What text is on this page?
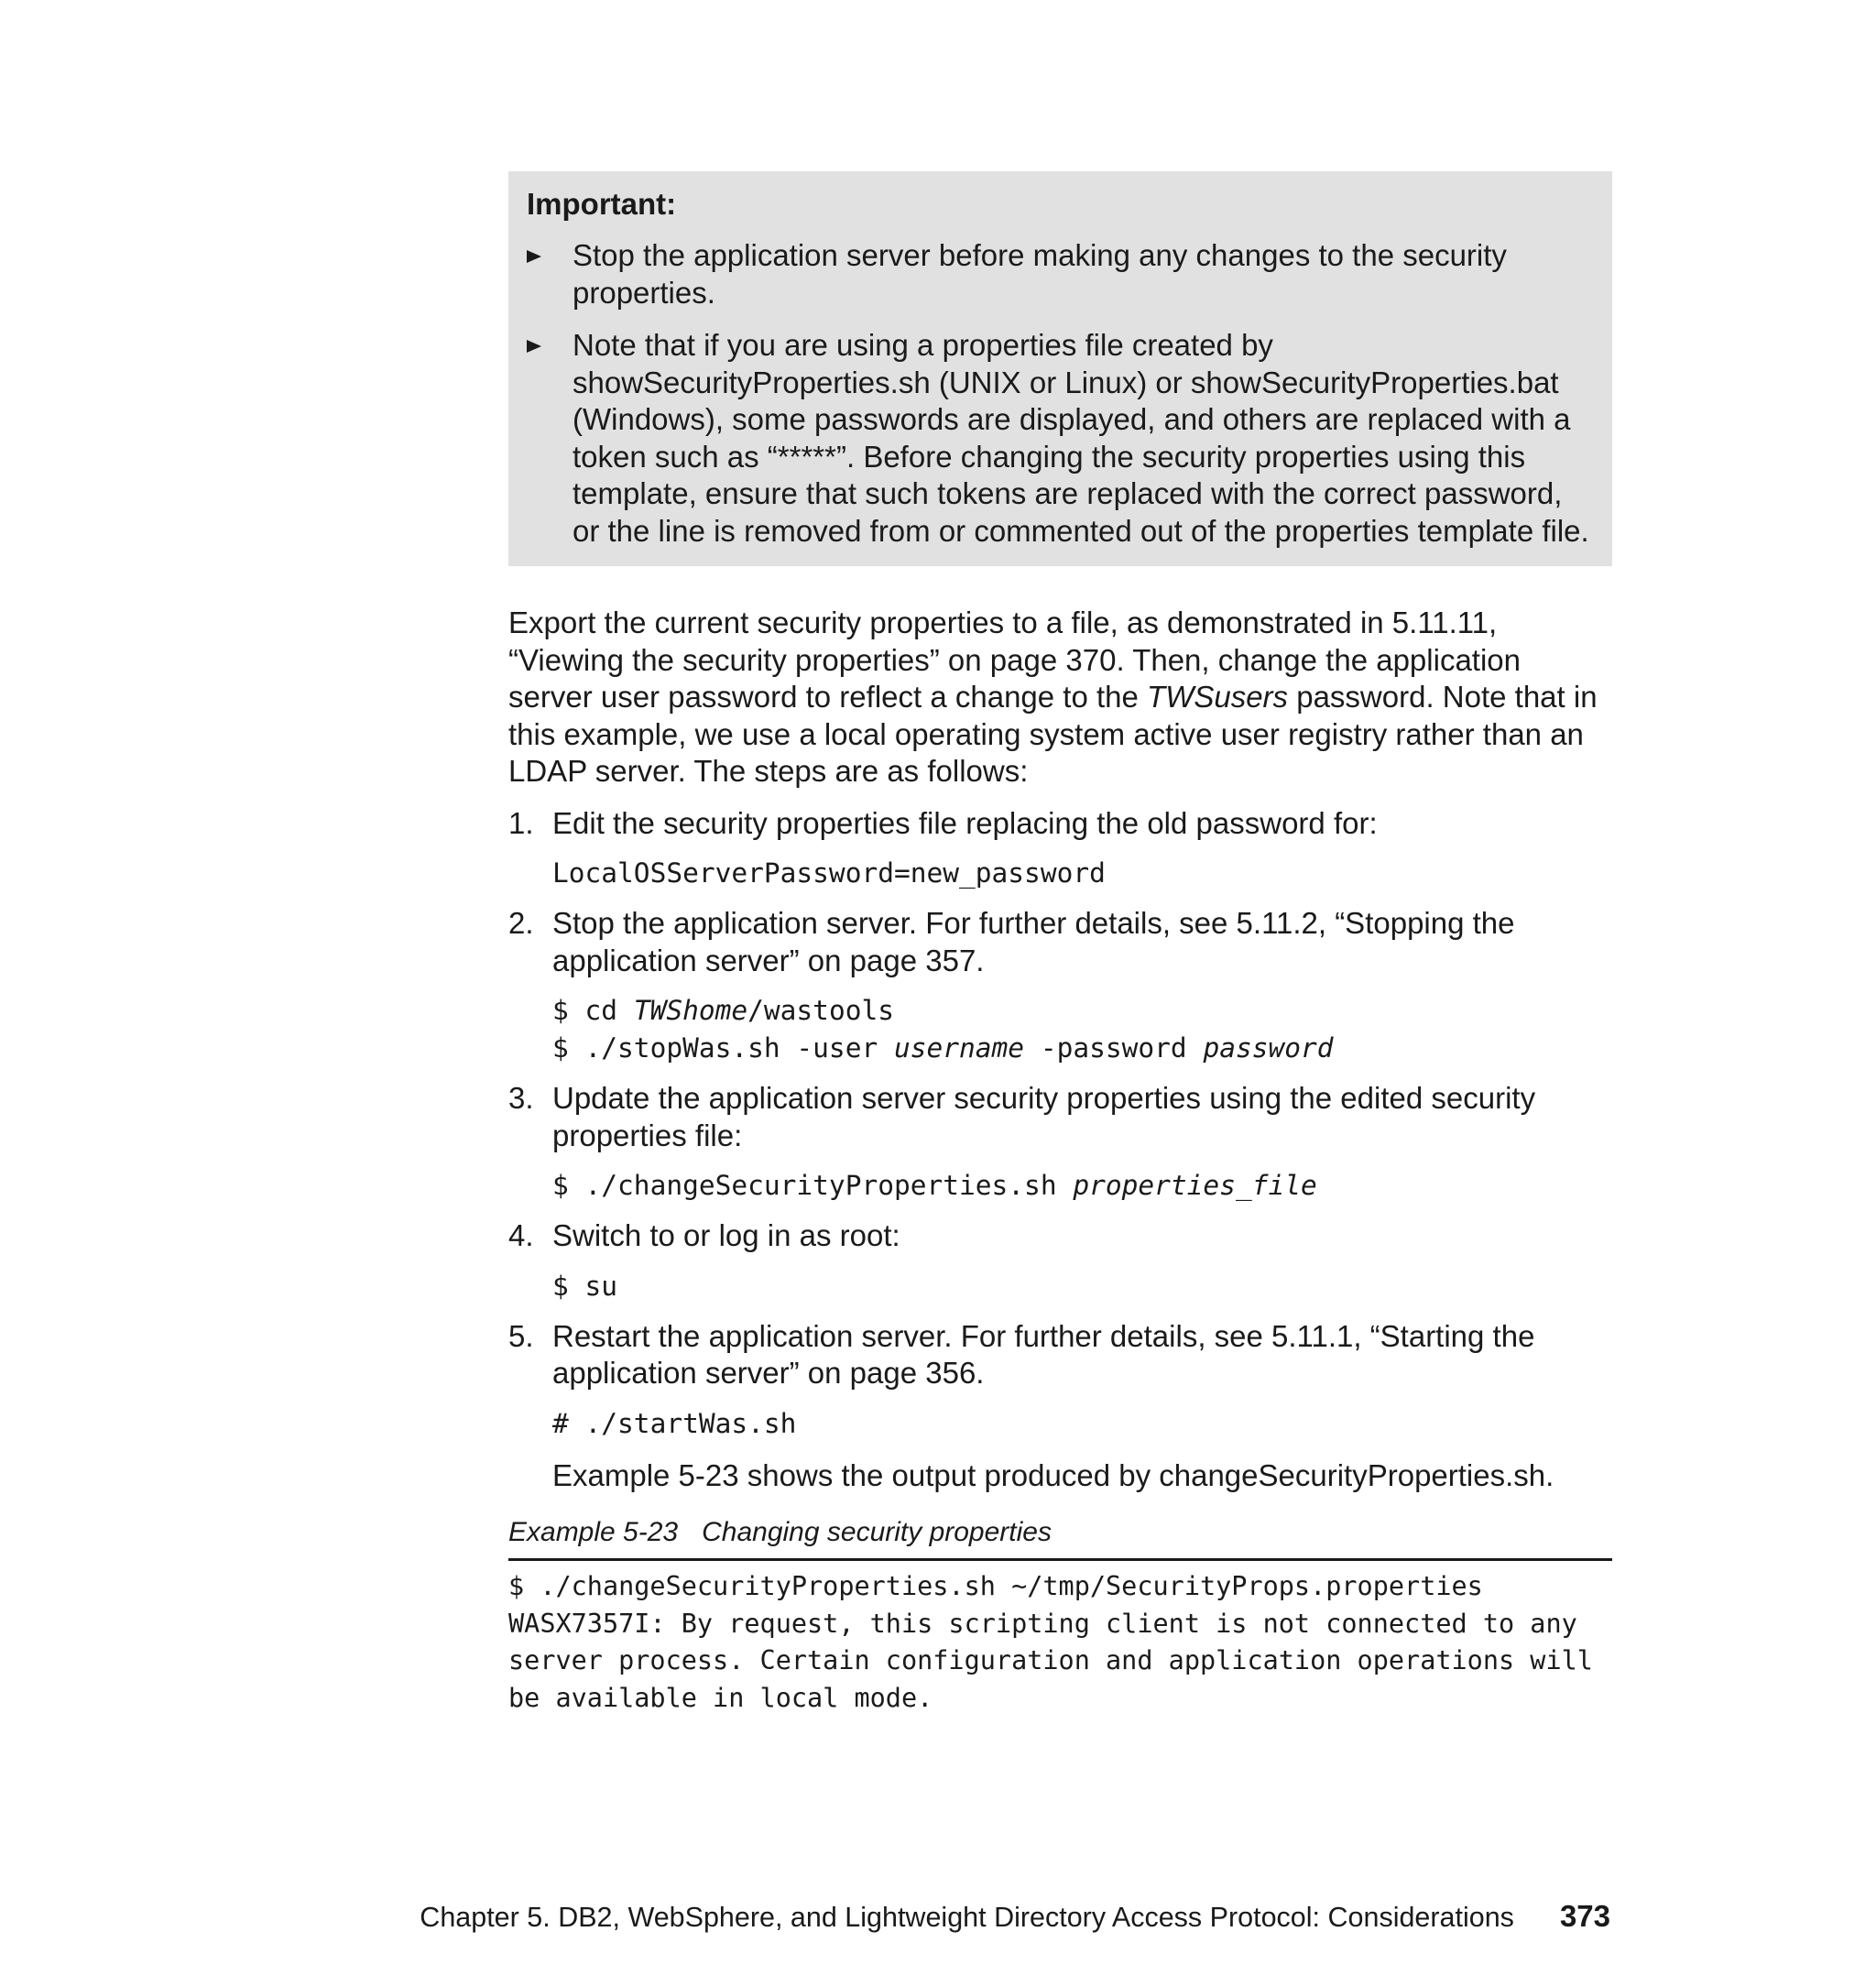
Important:
Stop the application server before making any changes to the security properties.
Note that if you are using a properties file created by showSecurityProperties.sh (UNIX or Linux) or showSecurityProperties.bat (Windows), some passwords are displayed, and others are replaced with a token such as “*****”. Before changing the security properties using this template, ensure that such tokens are replaced with the correct password, or the line is removed from or commented out of the properties template file.

Export the current security properties to a file, as demonstrated in 5.11.11, “Viewing the security properties” on page 370. Then, change the application server user password to reflect a change to the TWSusers password. Note that in this example, we use a local operating system active user registry rather than an LDAP server. The steps are as follows:

1. Edit the security properties file replacing the old password for:
LocalOSServerPassword=new_password
2. Stop the application server. For further details, see 5.11.2, “Stopping the application server” on page 357.
$ cd TWShome/wastools
$ ./stopWas.sh -user username -password password
3. Update the application server security properties using the edited security properties file:
$ ./changeSecurityProperties.sh properties_file
4. Switch to or log in as root:
$ su
5. Restart the application server. For further details, see 5.11.1, “Starting the application server” on page 356.
# ./startWas.sh
Example 5-23 shows the output produced by changeSecurityProperties.sh.
Example 5-23 Changing security properties
$ ./changeSecurityProperties.sh ~/tmp/SecurityProps.properties
WASX7357I: By request, this scripting client is not connected to any
server process. Certain configuration and application operations will
be available in local mode.
Chapter 5. DB2, WebSphere, and Lightweight Directory Access Protocol: Considerations 373
